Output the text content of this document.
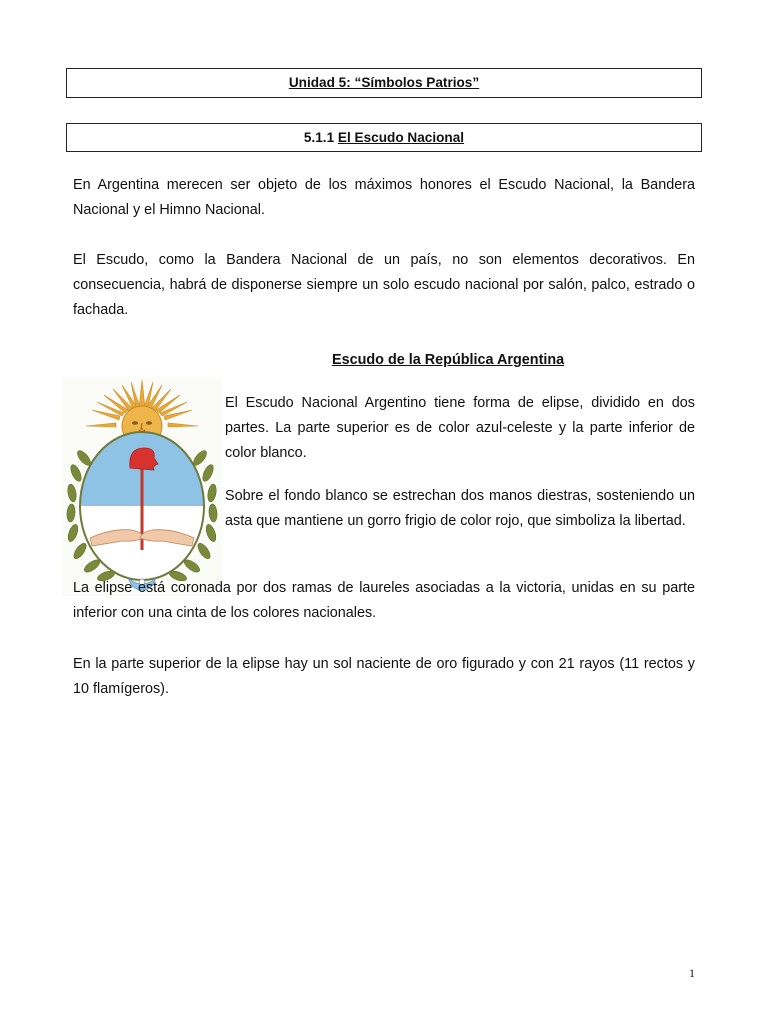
Unidad 5: “Símbolos Patrios”
5.1.1 El Escudo Nacional

En Argentina merecen ser objeto de los máximos honores el Escudo Nacional, la Bandera Nacional y el Himno Nacional.

El Escudo, como la Bandera Nacional de un país, no son elementos decorativos. En consecuencia, habrá de disponerse siempre un solo escudo nacional por salón, palco, estrado o fachada.

Escudo de la República Argentina

El Escudo Nacional Argentino tiene forma de elipse, dividido en dos partes. La parte superior es de color azul-celeste y la parte inferior de color blanco.

Sobre el fondo blanco se estrechan dos manos diestras, sosteniendo un asta que mantiene un gorro frigio de color rojo, que simboliza la libertad.

La elipse está coronada por dos ramas de laureles asociadas a la victoria, unidas en su parte inferior con una cinta de los colores nacionales.

En la parte superior de la elipse hay un sol naciente de oro figurado y con 21 rayos (11 rectos y 10 flamígeros).

1
